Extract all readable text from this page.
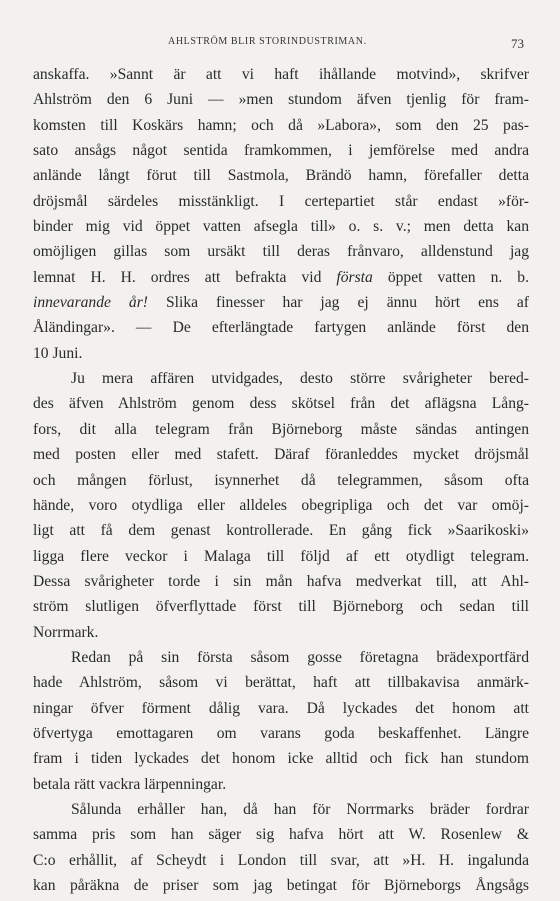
AHLSTRÖM BLIR STORINDUSTRIMAN.	73
anskaffa. »Sannt är att vi haft ihållande motvind», skrifver
Ahlström den 6 Juni — »men stundom äfven tjenlig för fram-
komsten till Koskärs hamn; och då »Labora», som den 25 pas-
sato ansågs något sentida framkommen, i jemförelse med andra
anlände långt förut till Sastmola, Brändö hamn, förefaller detta
dröjsmål särdeles misstänkligt. I certepartiet står endast »för-
binder mig vid öppet vatten afsegla till» o. s. v.; men detta kan
omöjligen gillas som ursäkt till deras frånvaro, alldenstund jag
lemnat H. H. ordres att befrakta vid första öppet vatten n. b.
innevarande år! Slika finesser har jag ej ännu hört ens af
Åländingar». — De efterlängtade fartygen anlände först den
10 Juni.
Ju mera affären utvidgades, desto större svårigheter bered-
des äfven Ahlström genom dess skötsel från det aflägsna Lång-
fors, dit alla telegram från Björneborg måste sändas antingen
med posten eller med stafett. Däraf föranleddes mycket dröjsmål
och mången förlust, isynnerhet då telegrammen, såsom ofta
hände, voro otydliga eller alldeles obegripliga och det var omöj-
ligt att få dem genast kontrollerade. En gång fick »Saarikoski»
ligga flere veckor i Malaga till följd af ett otydligt telegram.
Dessa svårigheter torde i sin mån hafva medverkat till, att Ahl-
ström slutligen öfverflyttade först till Björneborg och sedan till
Norrmark.
Redan på sin första såsom gosse företagna brädexportfärd
hade Ahlström, såsom vi berättat, haft att tillbakavisa anmärk-
ningar öfver förment dålig vara. Då lyckades det honom att
öfvertyga emottagaren om varans goda beskaffenhet. Längre
fram i tiden lyckades det honom icke alltid och fick han stundom
betala rätt vackra lärpenningar.
Sålunda erhåller han, då han för Norrmarks bräder fordrar
samma pris som han säger sig hafva hört att W. Rosenlew &
C:o erhållit, af Scheydt i London till svar, att »H. H. ingalunda
kan påräkna de priser som jag betingat för Björneborgs Ångsågs
